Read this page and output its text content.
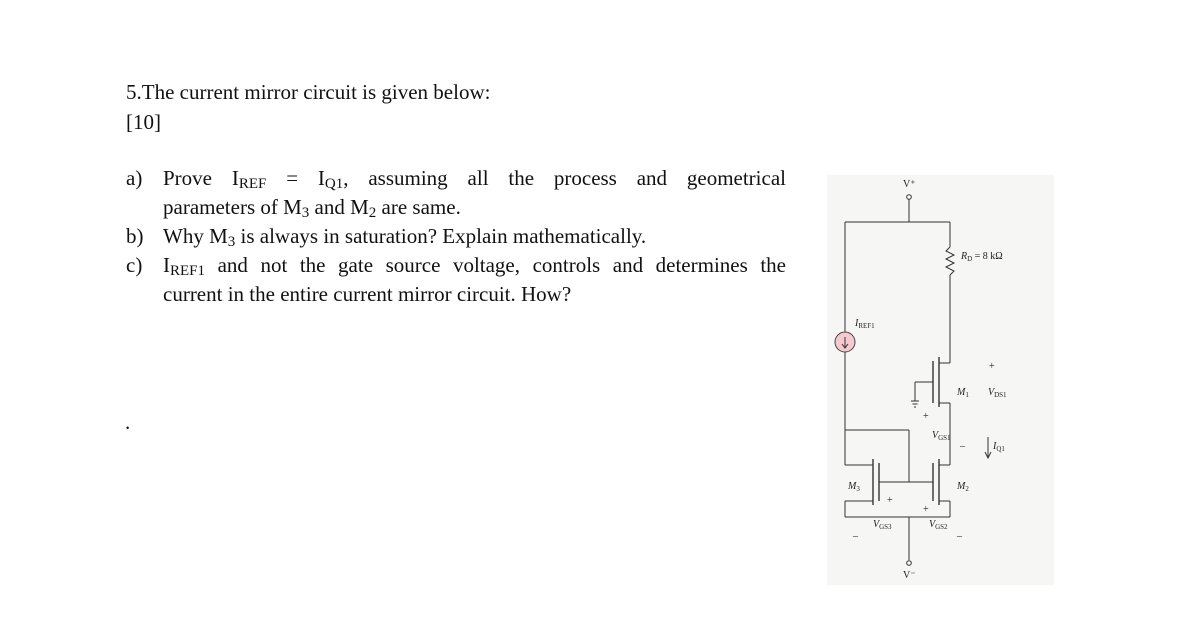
5.The current mirror circuit is given below:
[10]
a) Prove $I_{REF} = I_{Q1}$, assuming all the process and geometrical
parameters of $M_3$ and $M_2$ are same.
b) Why $M_3$ is always in saturation? Explain mathematically.
c) $I_{REF1}$ and not the gate source voltage, controls and determines the
current in the entire current mirror circuit. How?
.
V⁺
V⁻
$R_D = 8$ kΩ
$I_{REF1}$
+
$M_1$ $V_{DS1}$
+
$V_{GS1}$ _	$I_{Q1}$
$M_3$	$M_2$
+
+
_
$V_{GS3}$	$V_{GS2}$ _
